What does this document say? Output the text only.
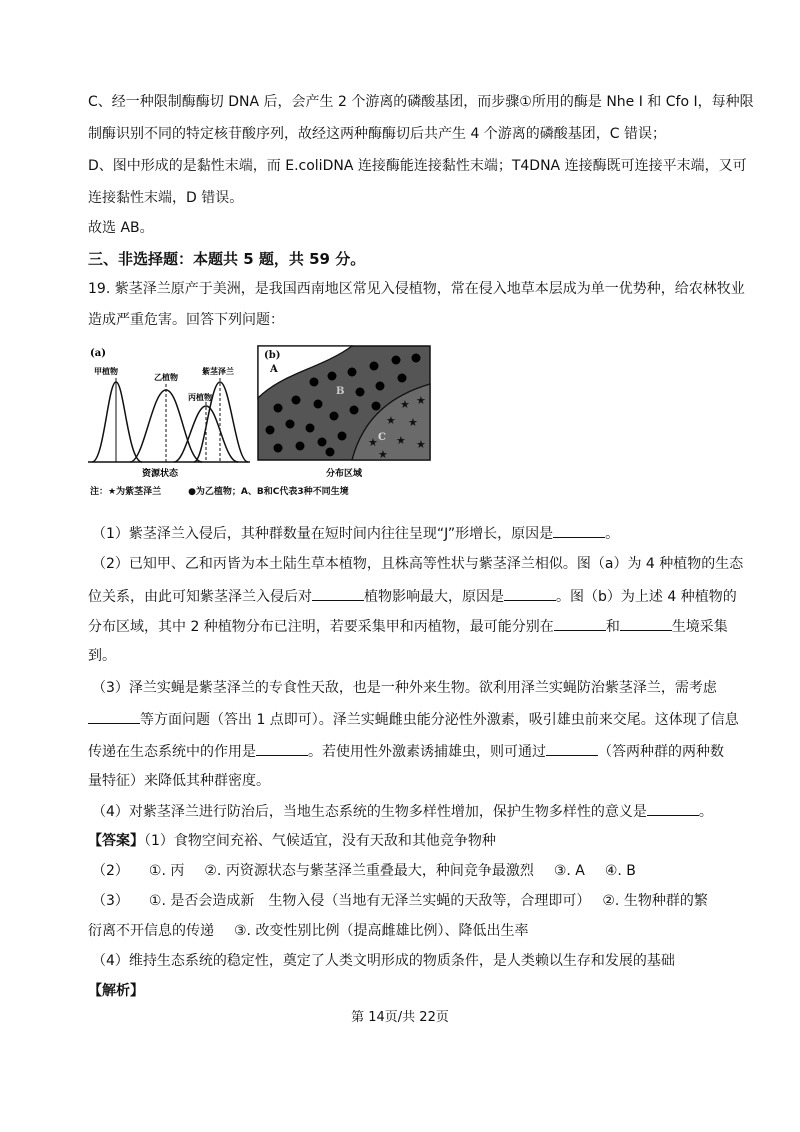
C、经一种限制酶酶切 DNA 后，会产生 2 个游离的磷酸基团，而步骤①所用的酶是 Nhe I 和 Cfo I，每种限
制酶识别不同的特定核苷酸序列，故经这两种酶酶切后共产生 4 个游离的磷酸基团，C 错误；
D、图中形成的是黏性末端，而 E.coliDNA 连接酶能连接黏性末端；T4DNA 连接酶既可连接平末端，又可
连接黏性末端，D 错误。
故选 AB。
三、非选择题：本题共 5 题，共 59 分。
19. 紫茎泽兰原产于美洲，是我国西南地区常见入侵植物，常在侵入地草本层成为单一优势种，给农林牧业
造成严重危害。回答下列问题：
(a)
甲植物
乙植物
紫茎泽兰
丙植物
资源状态
(b)
A
B
C
★ ★
★ ★
★ ★ ★
★
分布区域
注：★为紫茎泽兰　　　●为乙植物；A、B和C代表3种不同生境
（1）紫茎泽兰入侵后，其种群数量在短时间内往往呈现“J”形增长，原因是	。
（2）已知甲、乙和丙皆为本土陆生草本植物，且株高等性状与紫茎泽兰相似。图（a）为 4 种植物的生态
位关系，由此可知紫茎泽兰入侵后对	植物影响最大，原因是	。图（b）为上述 4 种植物的
分布区域，其中 2 种植物分布已注明，若要采集甲和丙植物，最可能分别在	和	生境采集
到。
（3）泽兰实蝇是紫茎泽兰的专食性天敌，也是一种外来生物。欲利用泽兰实蝇防治紫茎泽兰，需考虑
等方面问题（答出 1 点即可）。泽兰实蝇雌虫能分泌性外激素，吸引雄虫前来交尾。这体现了信息
传递在生态系统中的作用是	。若使用性外激素诱捕雄虫，则可通过	（答两种群的两种数
量特征）来降低其种群密度。
（4）对紫茎泽兰进行防治后，当地生态系统的生物多样性增加，保护生物多样性的意义是	。
【答案】（1）食物空间充裕、气候适宜，没有天敌和其他竞争物种
（2） ①. 丙 ②. 丙资源状态与紫茎泽兰重叠最大，种间竞争最激烈 ③. A ④. B
（3） ①. 是否会造成新　生物入侵（当地有无泽兰实蝇的天敌等，合理即可） ②. 生物种群的繁
衍离不开信息的传递 ③. 改变性别比例（提高雌雄比例）、降低出生率
（4）维持生态系统的稳定性，奠定了人类文明形成的物质条件，是人类赖以生存和发展的基础
【解析】
第 14页/共 22页
